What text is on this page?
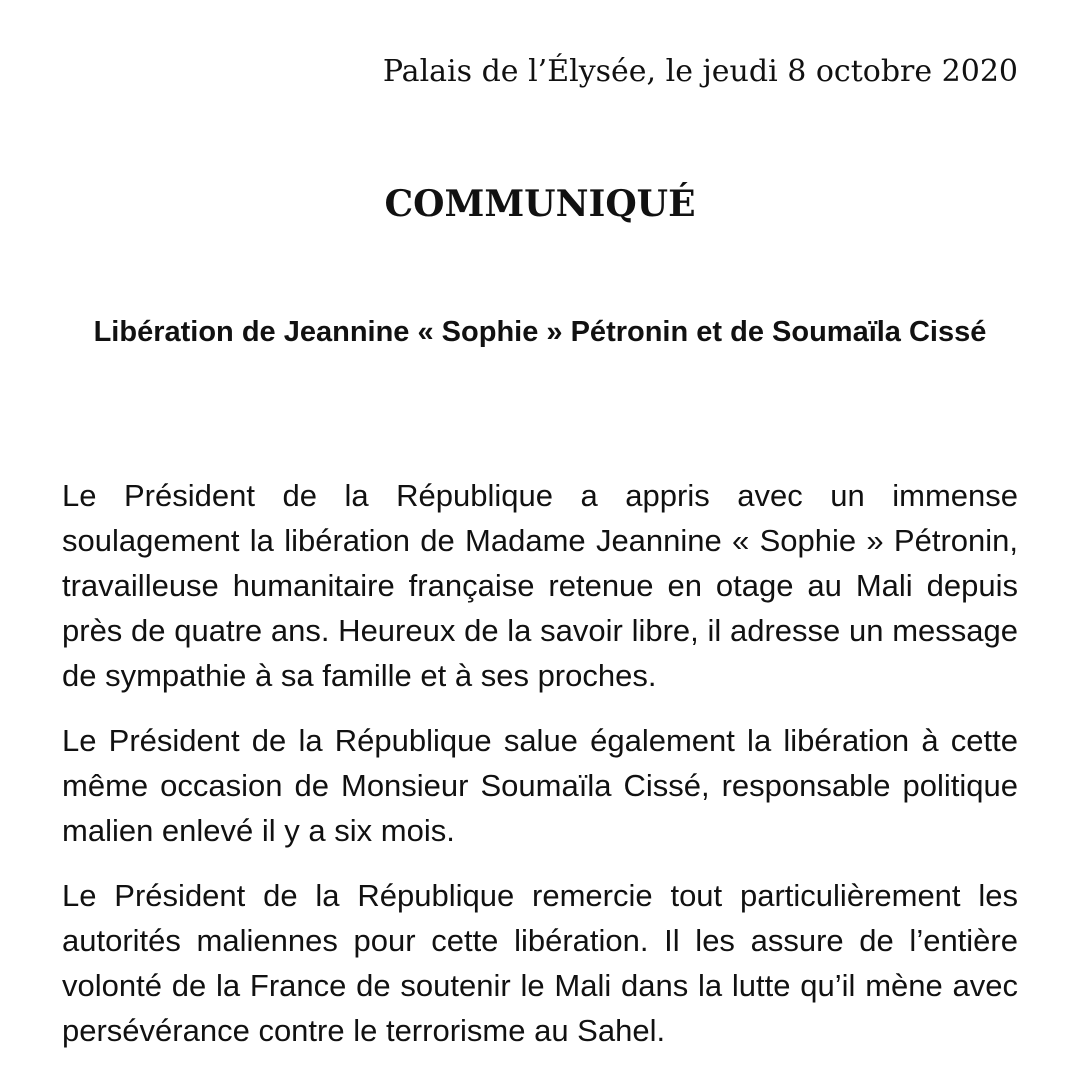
Palais de l’Élysée, le jeudi 8 octobre 2020
COMMUNIQUÉ
Libération de Jeannine « Sophie » Pétronin et de Soumaïla Cissé

Le Président de la République a appris avec un immense soulagement la libération de Madame Jeannine « Sophie » Pétronin, travailleuse humanitaire française retenue en otage au Mali depuis près de quatre ans. Heureux de la savoir libre, il adresse un message de sympathie à sa famille et à ses proches.

Le Président de la République salue également la libération à cette même occasion de Monsieur Soumaïla Cissé, responsable politique malien enlevé il y a six mois.

Le Président de la République remercie tout particulièrement les autorités maliennes pour cette libération. Il les assure de l’entière volonté de la France de soutenir le Mali dans la lutte qu’il mène avec persévérance contre le terrorisme au Sahel.
